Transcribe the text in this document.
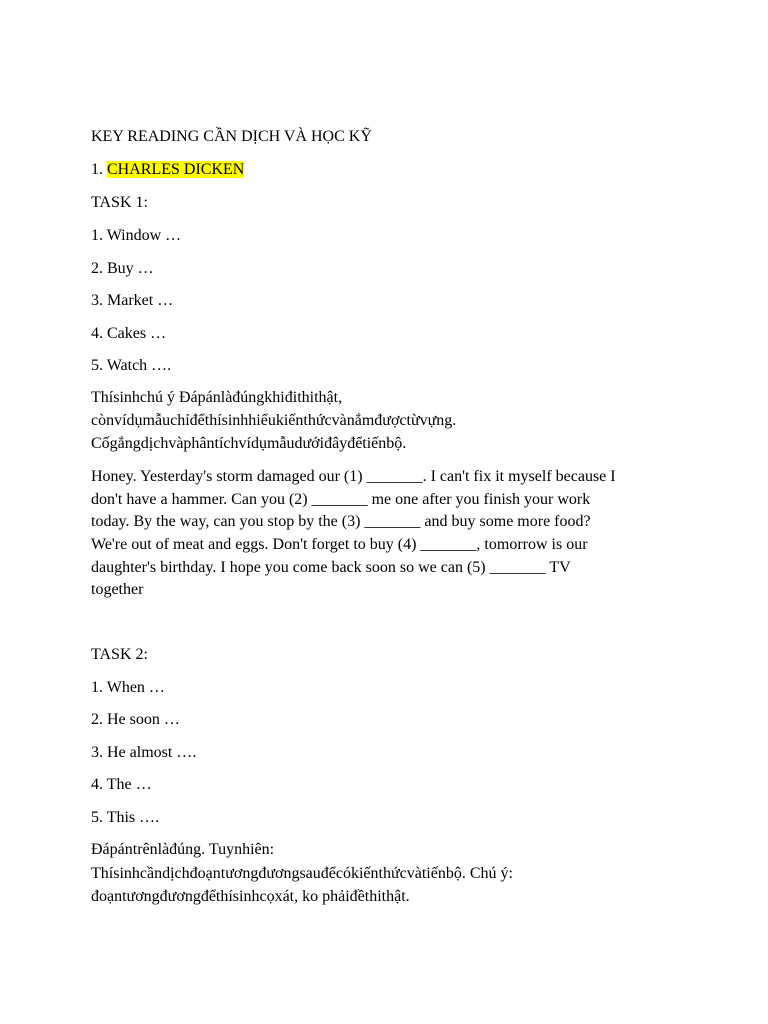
KEY READING CẦN DỊCH VÀ HỌC KỸ
1. CHARLES DICKEN
TASK 1:
1. Window …
2. Buy …
3. Market …
4. Cakes …
5. Watch ….
Thísinhchú ý Đápánlàđúngkhiđithithật,
cònvídụmẫuchỉđểthísinhhiểukiếnthứcvànắmđượctừvựng.
Cốgắngdịchvàphântíchvídụmẫudướiđâyđểtiếnbộ.
Honey. Yesterday's storm damaged our (1) _______. I can't fix it myself because I
don't have a hammer. Can you (2) _______ me one after you finish your work
today. By the way, can you stop by the (3) _______ and buy some more food?
We're out of meat and eggs. Don't forget to buy (4) _______, tomorrow is our
daughter's birthday. I hope you come back soon so we can (5) _______ TV
together
TASK 2:
1. When …
2. He soon …
3. He almost ….
4. The …
5. This ….
Đápántrênlàđúng. Tuynhiên:
Thísinhcầndịchđoạntươngđươngsauđểcókiếnthứcvàtiếnbộ. Chú ý:
đoạntươngđươngđểthísinhcọxát, ko phảiđềthithật.
